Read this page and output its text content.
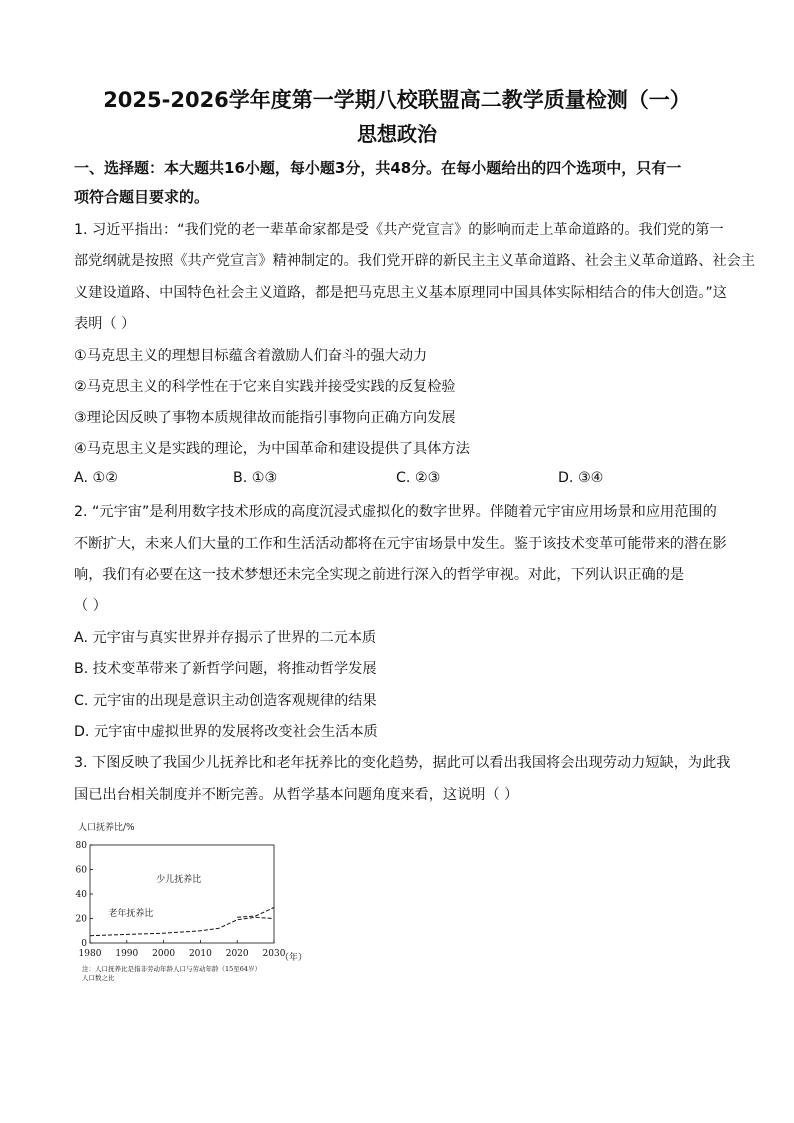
2025-2026学年度第一学期八校联盟高二教学质量检测（一）
思想政治

一、选择题：本大题共16小题，每小题3分，共48分。在每小题给出的四个选项中，只有一

项符合题目要求的。

1. 习近平指出：“我们党的老一辈革命家都是受《共产党宣言》的影响而走上革命道路的。我们党的第一

部党纲就是按照《共产党宣言》精神制定的。我们党开辟的新民主主义革命道路、社会主义革命道路、社会主

义建设道路、中国特色社会主义道路，都是把马克思主义基本原理同中国具体实际相结合的伟大创造。”这

表明（ ）

①马克思主义的理想目标蕴含着激励人们奋斗的强大动力

②马克思主义的科学性在于它来自实践并接受实践的反复检验

③理论因反映了事物本质规律故而能指引事物向正确方向发展

④马克思主义是实践的理论，为中国革命和建设提供了具体方法

A. ①②	B. ①③	C. ②③	D. ③④

2. “元宇宙”是利用数字技术形成的高度沉浸式虚拟化的数字世界。伴随着元宇宙应用场景和应用范围的

不断扩大，未来人们大量的工作和生活活动都将在元宇宙场景中发生。鉴于该技术变革可能带来的潜在影

响，我们有必要在这一技术梦想还未完全实现之前进行深入的哲学审视。对此，下列认识正确的是

（ ）

A. 元宇宙与真实世界并存揭示了世界的二元本质

B. 技术变革带来了新哲学问题，将推动哲学发展

C. 元宇宙的出现是意识主动创造客观规律的结果

D. 元宇宙中虚拟世界的发展将改变社会生活本质

3. 下图反映了我国少儿抚养比和老年抚养比的变化趋势，据此可以看出我国将会出现劳动力短缺，为此我

国已出台相关制度并不断完善。从哲学基本问题角度来看，这说明（ ）

人口抚养比/%
0
20
40
60
80
1980 1990 2000 2010 2020 2030
少儿抚养比
老年抚养比
（年）
注：人口抚养比是指非劳动年龄人口与劳动年龄（15至64岁）
人口数之比
